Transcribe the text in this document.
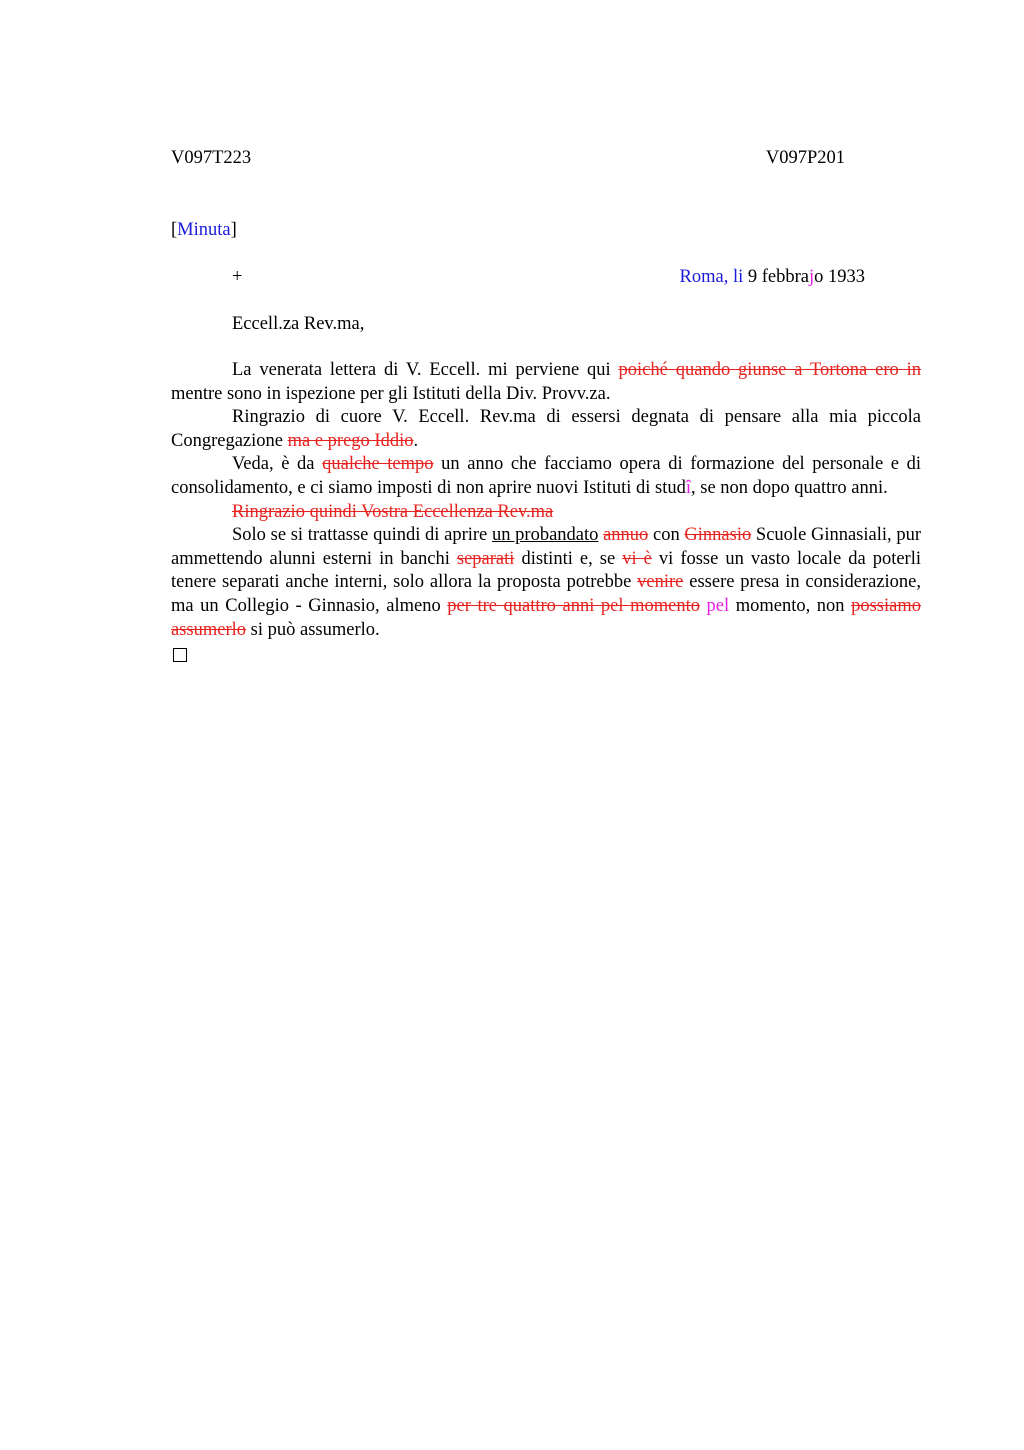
V097T223	V097P201
[Minuta]
+	Roma, li 9 febbrajo 1933
Eccell.za Rev.ma,

La venerata lettera di V. Eccell. mi perviene qui poiché quando giunse a Tortona ero in mentre sono in ispezione per gli Istituti della Div. Provv.za.

Ringrazio di cuore V. Eccell. Rev.ma di essersi degnata di pensare alla mia piccola Congregazione ma e prego Iddio.

Veda, è da qualche tempo un anno che facciamo opera di formazione del personale e di consolidamento, e ci siamo imposti di non aprire nuovi Istituti di studî, se non dopo quattro anni.

Ringrazio quindi Vostra Eccellenza Rev.ma

Solo se si trattasse quindi di aprire un probandato annuo con Ginnasio Scuole Ginnasiali, pur ammettendo alunni esterni in banchi separati distinti e, se vi è vi fosse un vasto locale da poterli tenere separati anche interni, solo allora la proposta potrebbe venire essere presa in considerazione, ma un Collegio - Ginnasio, almeno per tre quattro anni pel momento pel momento, non possiamo assumerlo si può assumerlo.
